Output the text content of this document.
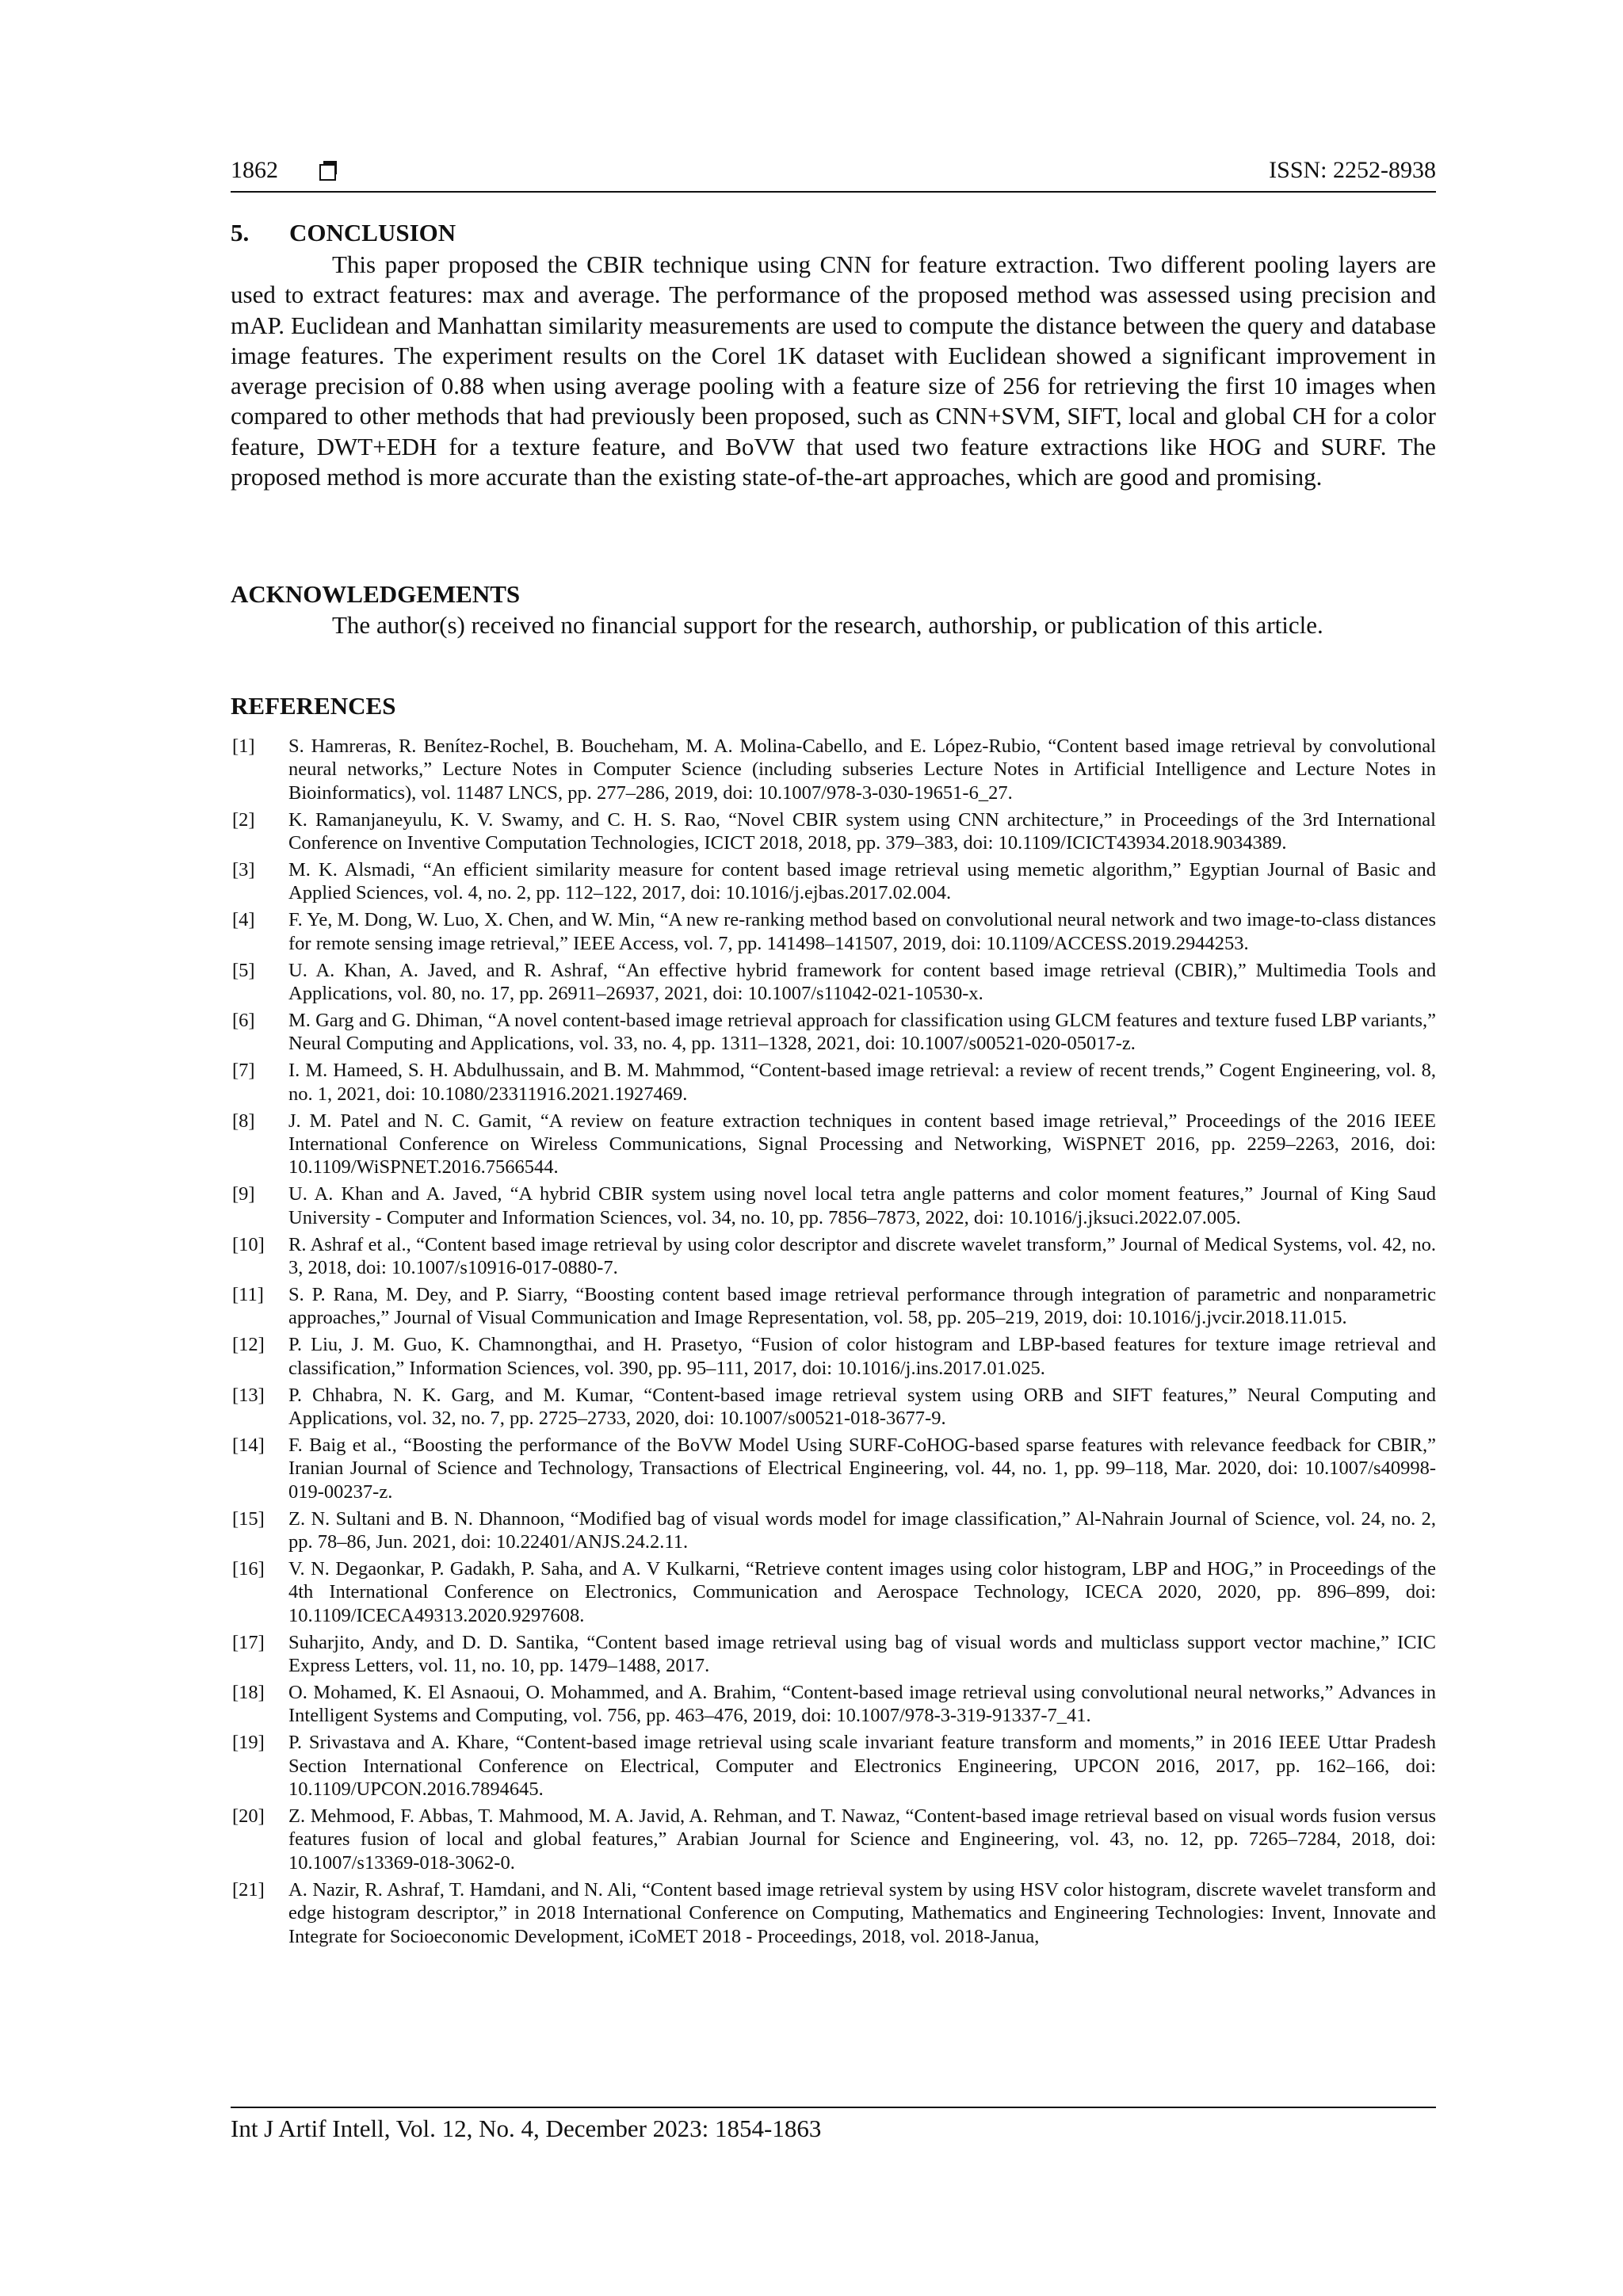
1862	ISSN: 2252-8938
5. CONCLUSION

This paper proposed the CBIR technique using CNN for feature extraction. Two different pooling layers are used to extract features: max and average. The performance of the proposed method was assessed using precision and mAP. Euclidean and Manhattan similarity measurements are used to compute the distance between the query and database image features. The experiment results on the Corel 1K dataset with Euclidean showed a significant improvement in average precision of 0.88 when using average pooling with a feature size of 256 for retrieving the first 10 images when compared to other methods that had previously been proposed, such as CNN+SVM, SIFT, local and global CH for a color feature, DWT+EDH for a texture feature, and BoVW that used two feature extractions like HOG and SURF. The proposed method is more accurate than the existing state-of-the-art approaches, which are good and promising.

ACKNOWLEDGEMENTS

The author(s) received no financial support for the research, authorship, or publication of this article.

REFERENCES
[1] S. Hamreras, R. Benítez-Rochel, B. Boucheham, M. A. Molina-Cabello, and E. López-Rubio, “Content based image retrieval by convolutional neural networks,” Lecture Notes in Computer Science (including subseries Lecture Notes in Artificial Intelligence and Lecture Notes in Bioinformatics), vol. 11487 LNCS, pp. 277–286, 2019, doi: 10.1007/978-3-030-19651-6_27.
[2] K. Ramanjaneyulu, K. V. Swamy, and C. H. S. Rao, “Novel CBIR system using CNN architecture,” in Proceedings of the 3rd International Conference on Inventive Computation Technologies, ICICT 2018, 2018, pp. 379–383, doi: 10.1109/ICICT43934.2018.9034389.
[3] M. K. Alsmadi, “An efficient similarity measure for content based image retrieval using memetic algorithm,” Egyptian Journal of Basic and Applied Sciences, vol. 4, no. 2, pp. 112–122, 2017, doi: 10.1016/j.ejbas.2017.02.004.
[4] F. Ye, M. Dong, W. Luo, X. Chen, and W. Min, “A new re-ranking method based on convolutional neural network and two image-to-class distances for remote sensing image retrieval,” IEEE Access, vol. 7, pp. 141498–141507, 2019, doi: 10.1109/ACCESS.2019.2944253.
[5] U. A. Khan, A. Javed, and R. Ashraf, “An effective hybrid framework for content based image retrieval (CBIR),” Multimedia Tools and Applications, vol. 80, no. 17, pp. 26911–26937, 2021, doi: 10.1007/s11042-021-10530-x.
[6] M. Garg and G. Dhiman, “A novel content-based image retrieval approach for classification using GLCM features and texture fused LBP variants,” Neural Computing and Applications, vol. 33, no. 4, pp. 1311–1328, 2021, doi: 10.1007/s00521-020-05017-z.
[7] I. M. Hameed, S. H. Abdulhussain, and B. M. Mahmmod, “Content-based image retrieval: a review of recent trends,” Cogent Engineering, vol. 8, no. 1, 2021, doi: 10.1080/23311916.2021.1927469.
[8] J. M. Patel and N. C. Gamit, “A review on feature extraction techniques in content based image retrieval,” Proceedings of the 2016 IEEE International Conference on Wireless Communications, Signal Processing and Networking, WiSPNET 2016, pp. 2259–2263, 2016, doi: 10.1109/WiSPNET.2016.7566544.
[9] U. A. Khan and A. Javed, “A hybrid CBIR system using novel local tetra angle patterns and color moment features,” Journal of King Saud University - Computer and Information Sciences, vol. 34, no. 10, pp. 7856–7873, 2022, doi: 10.1016/j.jksuci.2022.07.005.
[10] R. Ashraf et al., “Content based image retrieval by using color descriptor and discrete wavelet transform,” Journal of Medical Systems, vol. 42, no. 3, 2018, doi: 10.1007/s10916-017-0880-7.
[11] S. P. Rana, M. Dey, and P. Siarry, “Boosting content based image retrieval performance through integration of parametric and nonparametric approaches,” Journal of Visual Communication and Image Representation, vol. 58, pp. 205–219, 2019, doi: 10.1016/j.jvcir.2018.11.015.
[12] P. Liu, J. M. Guo, K. Chamnongthai, and H. Prasetyo, “Fusion of color histogram and LBP-based features for texture image retrieval and classification,” Information Sciences, vol. 390, pp. 95–111, 2017, doi: 10.1016/j.ins.2017.01.025.
[13] P. Chhabra, N. K. Garg, and M. Kumar, “Content-based image retrieval system using ORB and SIFT features,” Neural Computing and Applications, vol. 32, no. 7, pp. 2725–2733, 2020, doi: 10.1007/s00521-018-3677-9.
[14] F. Baig et al., “Boosting the performance of the BoVW Model Using SURF-CoHOG-based sparse features with relevance feedback for CBIR,” Iranian Journal of Science and Technology, Transactions of Electrical Engineering, vol. 44, no. 1, pp. 99–118, Mar. 2020, doi: 10.1007/s40998-019-00237-z.
[15] Z. N. Sultani and B. N. Dhannoon, “Modified bag of visual words model for image classification,” Al-Nahrain Journal of Science, vol. 24, no. 2, pp. 78–86, Jun. 2021, doi: 10.22401/ANJS.24.2.11.
[16] V. N. Degaonkar, P. Gadakh, P. Saha, and A. V Kulkarni, “Retrieve content images using color histogram, LBP and HOG,” in Proceedings of the 4th International Conference on Electronics, Communication and Aerospace Technology, ICECA 2020, 2020, pp. 896–899, doi: 10.1109/ICECA49313.2020.9297608.
[17] Suharjito, Andy, and D. D. Santika, “Content based image retrieval using bag of visual words and multiclass support vector machine,” ICIC Express Letters, vol. 11, no. 10, pp. 1479–1488, 2017.
[18] O. Mohamed, K. El Asnaoui, O. Mohammed, and A. Brahim, “Content-based image retrieval using convolutional neural networks,” Advances in Intelligent Systems and Computing, vol. 756, pp. 463–476, 2019, doi: 10.1007/978-3-319-91337-7_41.
[19] P. Srivastava and A. Khare, “Content-based image retrieval using scale invariant feature transform and moments,” in 2016 IEEE Uttar Pradesh Section International Conference on Electrical, Computer and Electronics Engineering, UPCON 2016, 2017, pp. 162–166, doi: 10.1109/UPCON.2016.7894645.
[20] Z. Mehmood, F. Abbas, T. Mahmood, M. A. Javid, A. Rehman, and T. Nawaz, “Content-based image retrieval based on visual words fusion versus features fusion of local and global features,” Arabian Journal for Science and Engineering, vol. 43, no. 12, pp. 7265–7284, 2018, doi: 10.1007/s13369-018-3062-0.
[21] A. Nazir, R. Ashraf, T. Hamdani, and N. Ali, “Content based image retrieval system by using HSV color histogram, discrete wavelet transform and edge histogram descriptor,” in 2018 International Conference on Computing, Mathematics and Engineering Technologies: Invent, Innovate and Integrate for Socioeconomic Development, iCoMET 2018 - Proceedings, 2018, vol. 2018-Janua,
Int J Artif Intell, Vol. 12, No. 4, December 2023: 1854-1863
